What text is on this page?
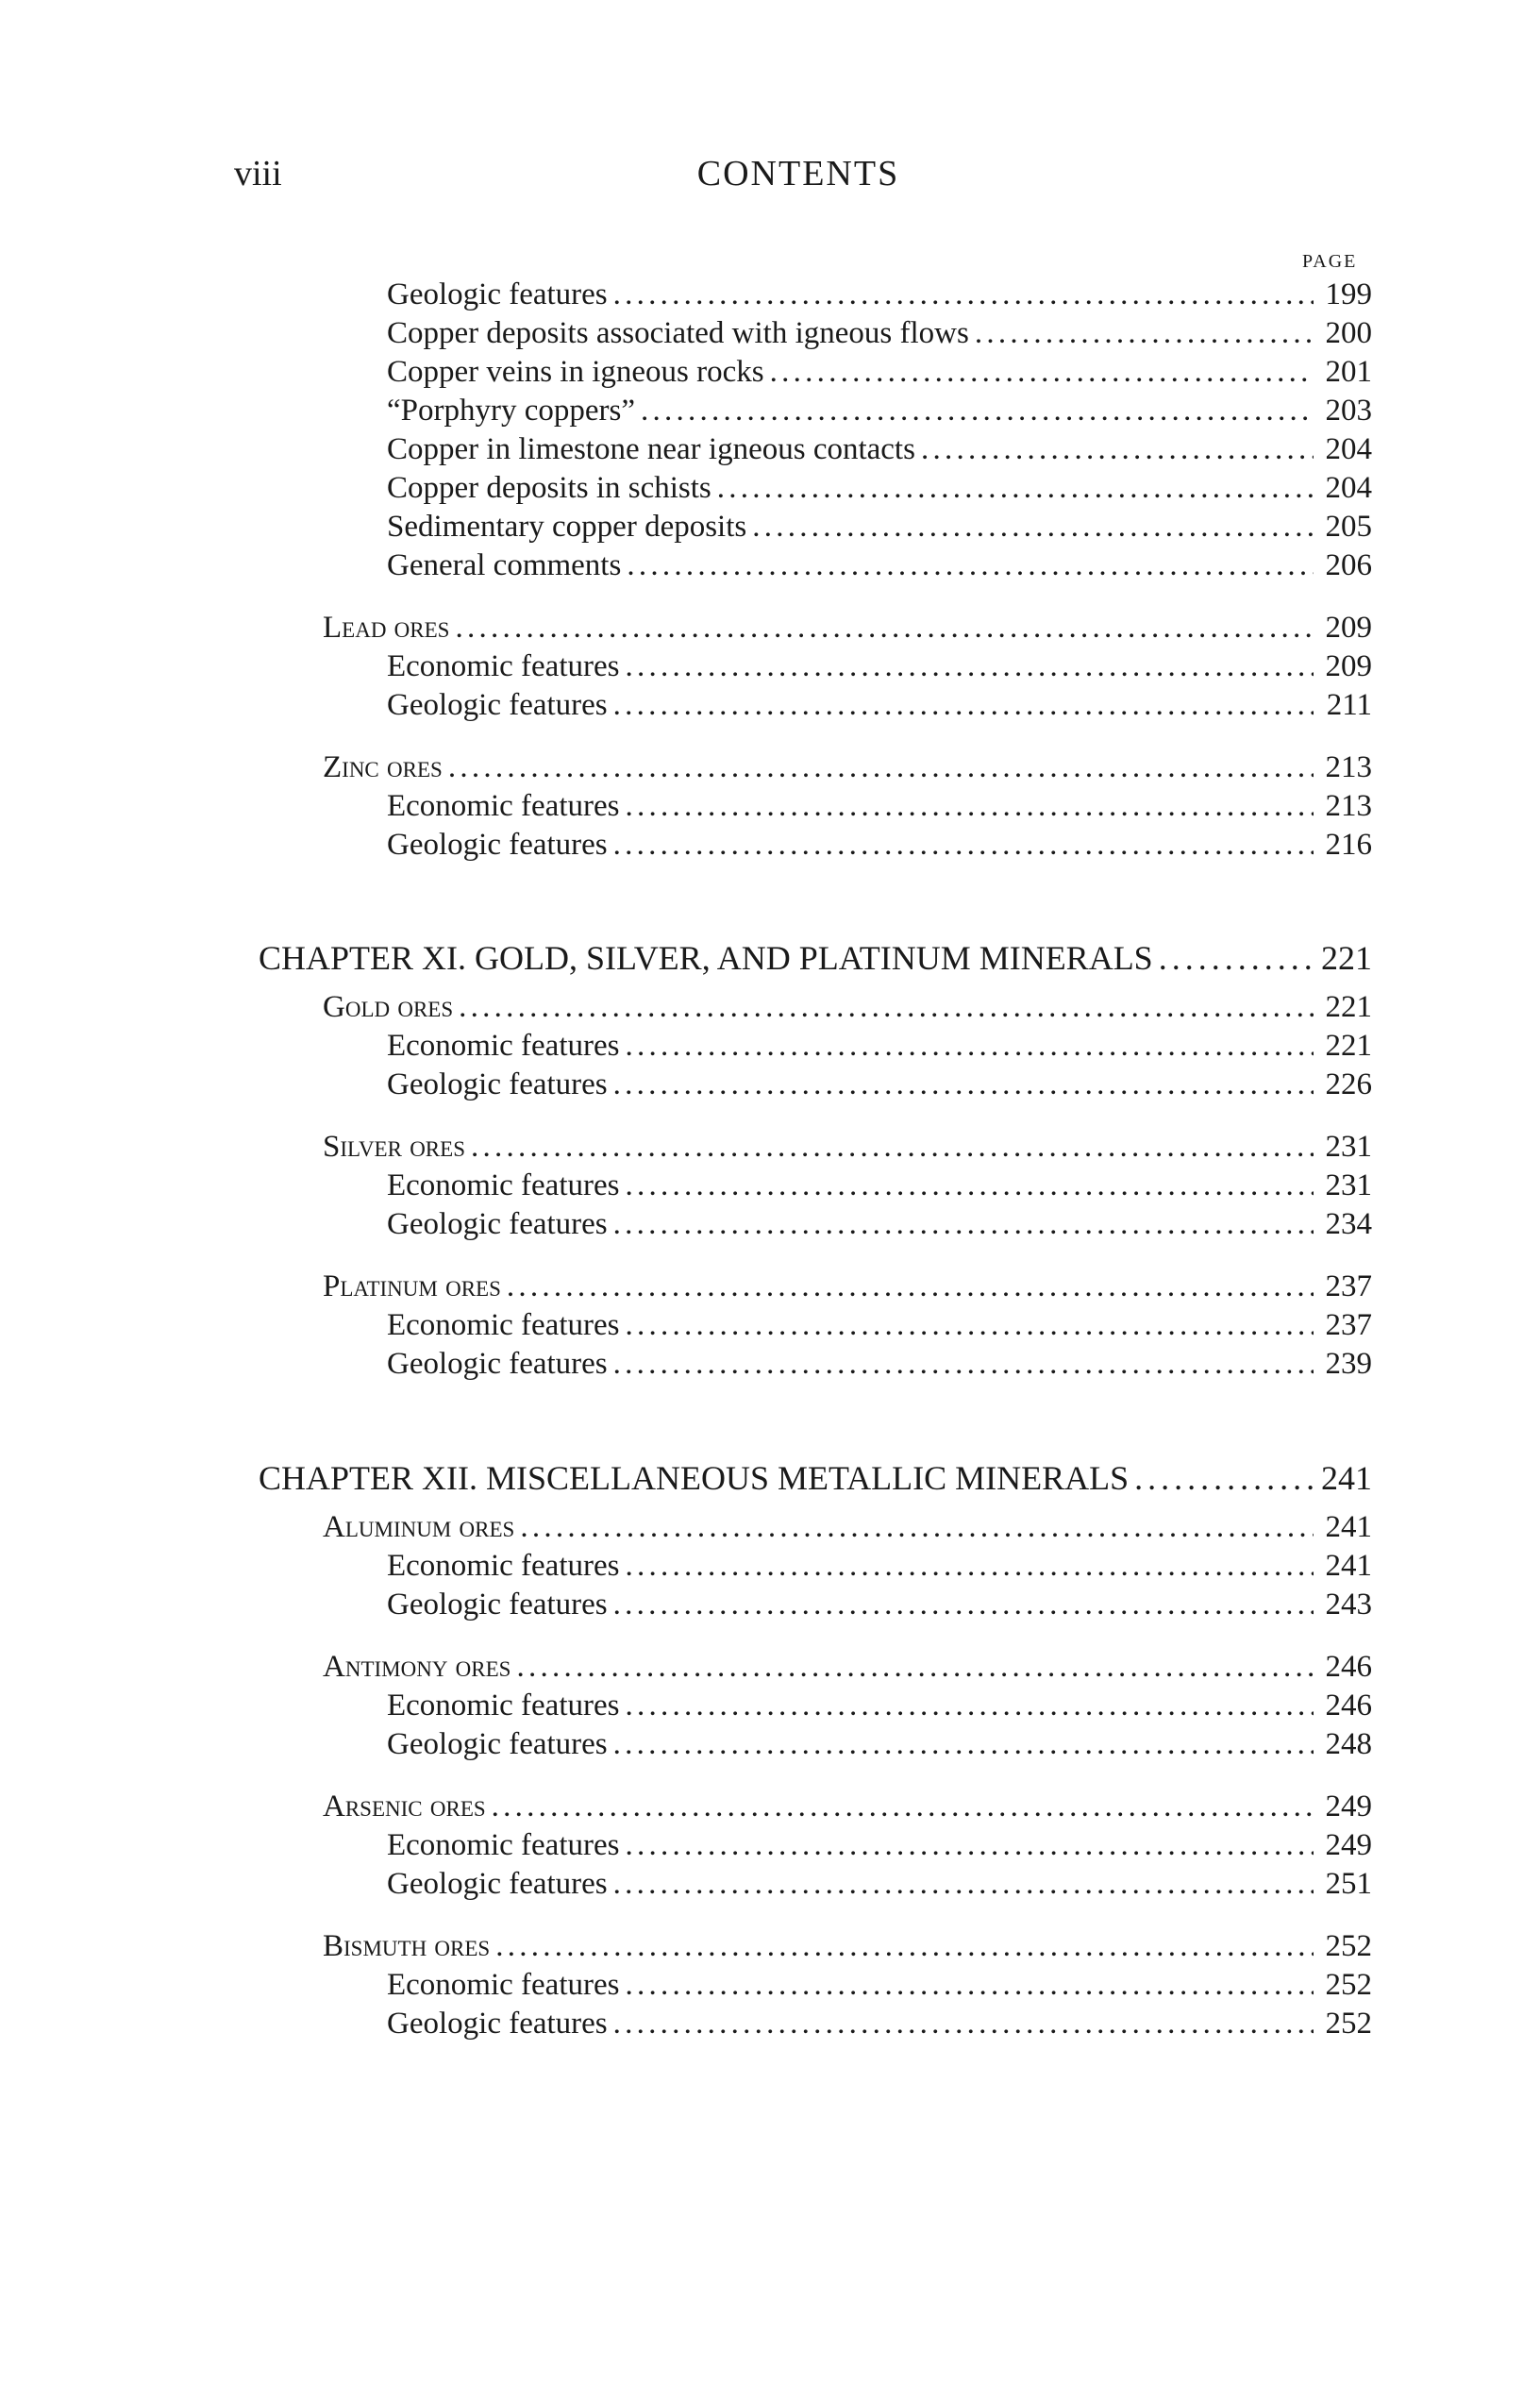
viii	CONTENTS
PAGE
Geologic features . . .	199
Copper deposits associated with igneous flows . . .	200
Copper veins in igneous rocks . . .	201
“Porphyry coppers” . . .	203
Copper in limestone near igneous contacts . . .	204
Copper deposits in schists . . .	204
Sedimentary copper deposits . . .	205
General comments . . .	206
Lead ores . . .	209
Economic features . . .	209
Geologic features . . .	211
Zinc ores . . .	213
Economic features . . .	213
Geologic features . . .	216
CHAPTER XI. GOLD, SILVER, AND PLATINUM MINERALS . . .	221
Gold ores . . .	221
Economic features . . .	221
Geologic features . . .	226
Silver ores . . .	231
Economic features . . .	231
Geologic features . . .	234
Platinum ores . . .	237
Economic features . . .	237
Geologic features . . .	239
CHAPTER XII. MISCELLANEOUS METALLIC MINERALS . . .	241
Aluminum ores . . .	241
Economic features . . .	241
Geologic features . . .	243
Antimony ores . . .	246
Economic features . . .	246
Geologic features . . .	248
Arsenic ores . . .	249
Economic features . . .	249
Geologic features . . .	251
Bismuth ores . . .	252
Economic features . . .	252
Geologic features . . .	252
